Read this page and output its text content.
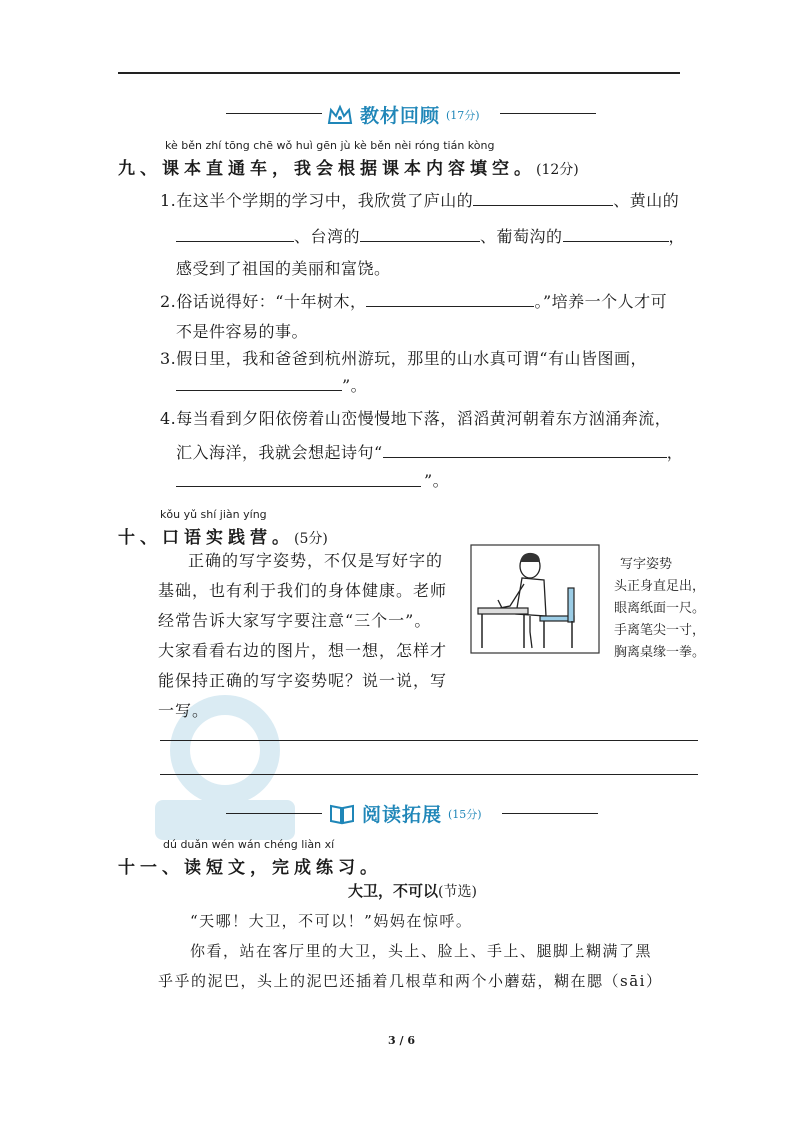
教材回顾 (17分)
kè běn zhí tōng chē wǒ huì gēn jù kè běn nèi róng tián kòng
九、课本直通车，我会根据课本内容填空。(12分)
1.在这半个学期的学习中，我欣赏了庐山的	、黄山的
、台湾的	、葡萄沟的	，
感受到了祖国的美丽和富饶。
2.俗话说得好：“十年树木，	。”培养一个人才可
不是件容易的事。
3.假日里，我和爸爸到杭州游玩，那里的山水真可谓“有山皆图画，
”。
4.每当看到夕阳依傍着山峦慢慢地下落，滔滔黄河朝着东方汹涌奔流，
汇入海洋，我就会想起诗句“	，
”。
kǒu yǔ shí jiàn yíng
十、口语实践营。(5分)
正确的写字姿势，不仅是写好字的
基础，也有利于我们的身体健康。老师
经常告诉大家写字要注意“三个一”。
大家看看右边的图片，想一想，怎样才
能保持正确的写字姿势呢？说一说，写
一写。
写字姿势
头正身直足出，
眼离纸面一尺。
手离笔尖一寸，
胸离桌缘一拳。
阅读拓展 (15分)
dú duǎn wén wán chéng liàn xí
十一、读短文，完成练习。
大卫，不可以(节选)
“天哪！大卫，不可以！”妈妈在惊呼。
你看，站在客厅里的大卫，头上、脸上、手上、腿脚上糊满了黑
乎乎的泥巴，头上的泥巴还插着几根草和两个小蘑菇，糊在腮（sāi）
3 / 6
